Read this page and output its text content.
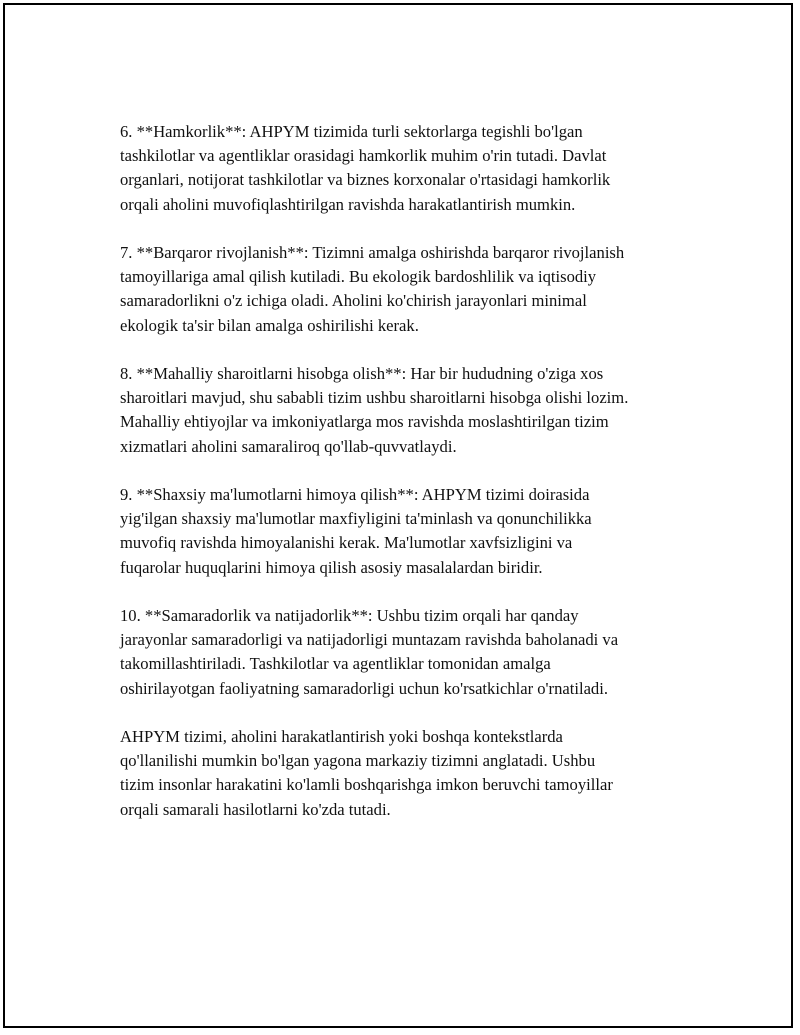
6. **Hamkorlik**: AHPYM tizimida turli sektorlarga tegishli bo'lgan
tashkilotlar va agentliklar orasidagi hamkorlik muhim o'rin tutadi. Davlat
organlari, notijorat tashkilotlar va biznes korxonalar o'rtasidagi hamkorlik
orqali aholini muvofiqlashtirilgan ravishda harakatlantirish mumkin.

7. **Barqaror rivojlanish**: Tizimni amalga oshirishda barqaror rivojlanish
tamoyillariga amal qilish kutiladi. Bu ekologik bardoshlilik va iqtisodiy
samaradorlikni o'z ichiga oladi. Aholini ko'chirish jarayonlari minimal
ekologik ta'sir bilan amalga oshirilishi kerak.

8. **Mahalliy sharoitlarni hisobga olish**: Har bir hududning o'ziga xos
sharoitlari mavjud, shu sababli tizim ushbu sharoitlarni hisobga olishi lozim.
Mahalliy ehtiyojlar va imkoniyatlarga mos ravishda moslashtirilgan tizim
xizmatlari aholini samaraliroq qo'llab-quvvatlaydi.

9. **Shaxsiy ma'lumotlarni himoya qilish**: AHPYM tizimi doirasida
yig'ilgan shaxsiy ma'lumotlar maxfiyligini ta'minlash va qonunchilikka
muvofiq ravishda himoyalanishi kerak. Ma'lumotlar xavfsizligini va
fuqarolar huquqlarini himoya qilish asosiy masalalardan biridir.

10. **Samaradorlik va natijadorlik**: Ushbu tizim orqali har qanday
jarayonlar samaradorligi va natijadorligi muntazam ravishda baholanadi va
takomillashtiriladi. Tashkilotlar va agentliklar tomonidan amalga
oshirilayotgan faoliyatning samaradorligi uchun ko'rsatkichlar o'rnatiladi.

AHPYM tizimi, aholini harakatlantirish yoki boshqa kontekstlarda
qo'llanilishi mumkin bo'lgan yagona markaziy tizimni anglatadi. Ushbu
tizim insonlar harakatini ko'lamli boshqarishga imkon beruvchi tamoyillar
orqali samarali hasilotlarni ko'zda tutadi.
